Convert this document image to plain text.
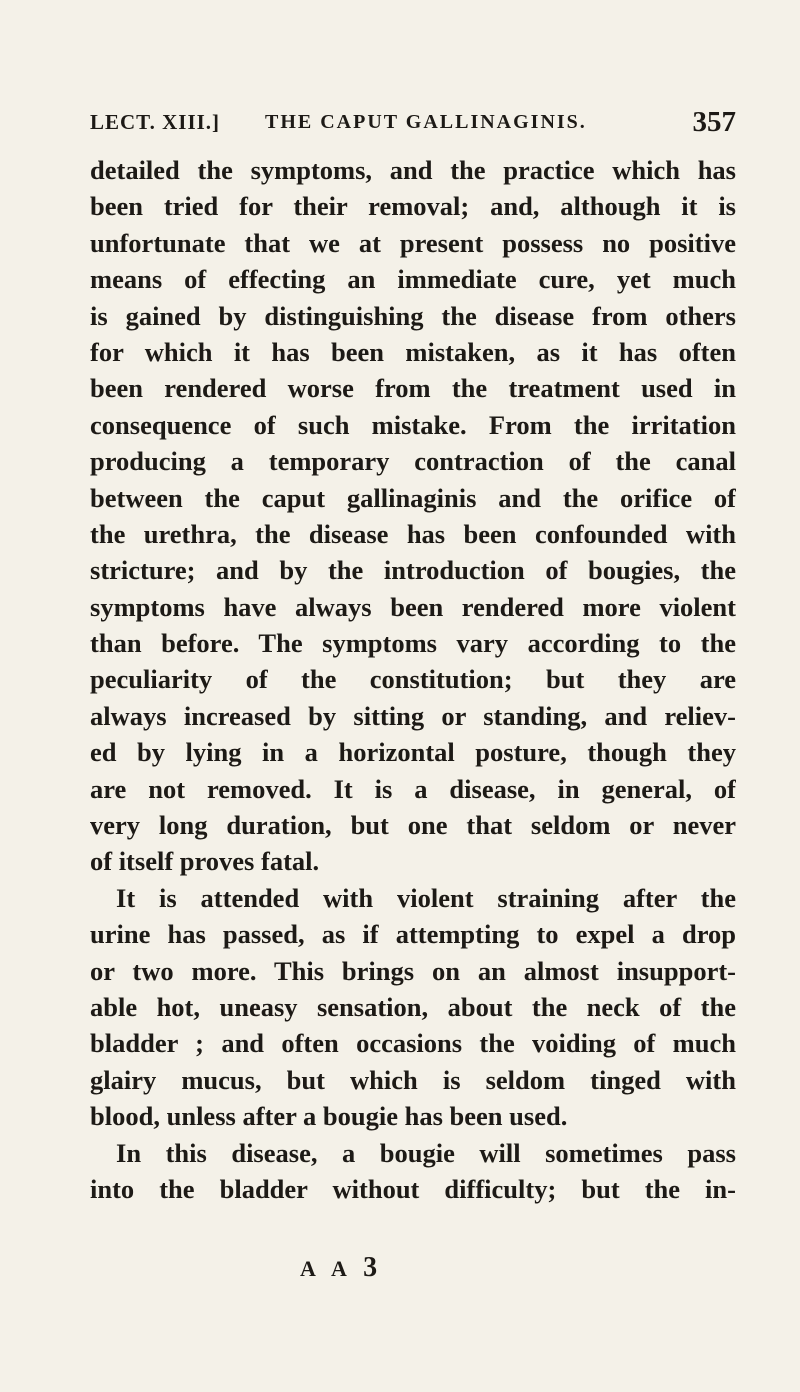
LECT. XIII.] THE CAPUT GALLINAGINIS.	357
detailed the symptoms, and the practice which has
been tried for their removal; and, although it is
unfortunate that we at present possess no positive
means of effecting an immediate cure, yet much
is gained by distinguishing the disease from others
for which it has been mistaken, as it has often
been rendered worse from the treatment used in
consequence of such mistake. From the irritation
producing a temporary contraction of the canal
between the caput gallinaginis and the orifice of
the urethra, the disease has been confounded with
stricture; and by the introduction of bougies, the
symptoms have always been rendered more violent
than before. The symptoms vary according to the
peculiarity of the constitution; but they are
always increased by sitting or standing, and reliev-
ed by lying in a horizontal posture, though they
are not removed. It is a disease, in general, of
very long duration, but one that seldom or never
of itself proves fatal.
It is attended with violent straining after the
urine has passed, as if attempting to expel a drop
or two more. This brings on an almost insupport-
able hot, uneasy sensation, about the neck of the
bladder ; and often occasions the voiding of much
glairy mucus, but which is seldom tinged with
blood, unless after a bougie has been used.
In this disease, a bougie will sometimes pass
into the bladder without difficulty; but the in-
A A 3
